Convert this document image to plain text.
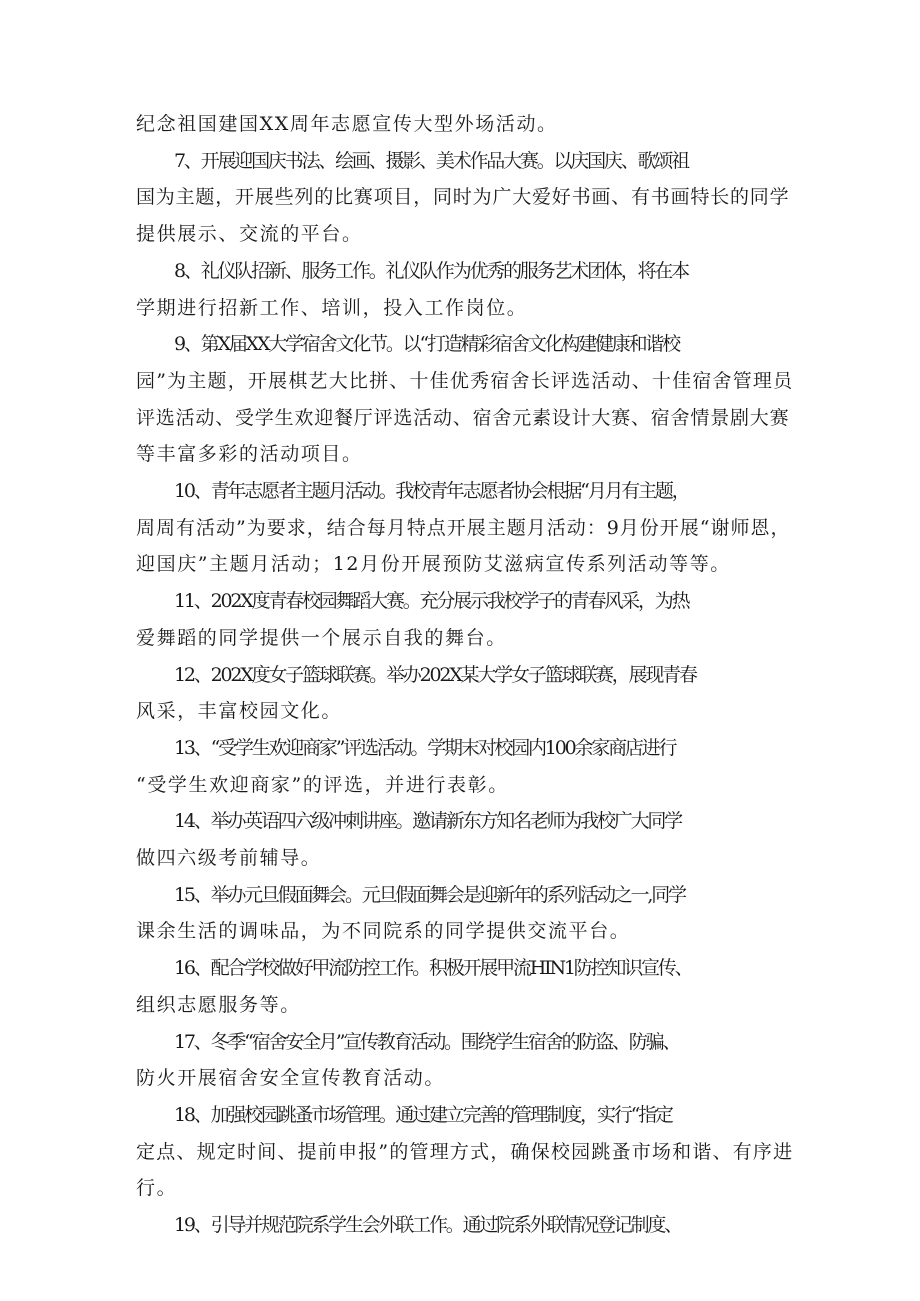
纪念祖国建国XX周年志愿宣传大型外场活动。

7、开展迎国庆书法、绘画、摄影、美术作品大赛。以庆国庆、歌颂祖
国为主题，开展些列的比赛项目，同时为广大爱好书画、有书画特长的同学
提供展示、交流的平台。

8、礼仪队招新、服务工作。礼仪队作为优秀的服务艺术团体，将在本
学期进行招新工作、培训，投入工作岗位。

9、第X届XX大学宿舍文化节。以“打造精彩宿舍文化构建健康和谐校
园”为主题，开展棋艺大比拼、十佳优秀宿舍长评选活动、十佳宿舍管理员
评选活动、受学生欢迎餐厅评选活动、宿舍元素设计大赛、宿舍情景剧大赛
等丰富多彩的活动项目。

10、青年志愿者主题月活动。我校青年志愿者协会根据“月月有主题，
周周有活动”为要求，结合每月特点开展主题月活动：9月份开展“谢师恩，
迎国庆”主题月活动；12月份开展预防艾滋病宣传系列活动等等。

11、202X度青春校园舞蹈大赛。充分展示我校学子的青春风采，为热
爱舞蹈的同学提供一个展示自我的舞台。

12、202X度女子篮球联赛。举办202X某大学女子篮球联赛，展现青春
风采，丰富校园文化。

13、“受学生欢迎商家”评选活动。学期末对校园内100余家商店进行
“受学生欢迎商家”的评选，并进行表彰。

14、举办英语四六级冲刺讲座。邀请新东方知名老师为我校广大同学
做四六级考前辅导。

15、举办元旦假面舞会。元旦假面舞会是迎新年的系列活动之一,同学
课余生活的调味品，为不同院系的同学提供交流平台。

16、配合学校做好甲流防控工作。积极开展甲流HIN1防控知识宣传、
组织志愿服务等。

17、冬季“宿舍安全月”宣传教育活动。围绕学生宿舍的防盗、防骗、
防火开展宿舍安全宣传教育活动。

18、加强校园跳蚤市场管理。通过建立完善的管理制度，实行“指定
定点、规定时间、提前申报”的管理方式，确保校园跳蚤市场和谐、有序进
行。

19、引导并规范院系学生会外联工作。通过院系外联情况登记制度、
